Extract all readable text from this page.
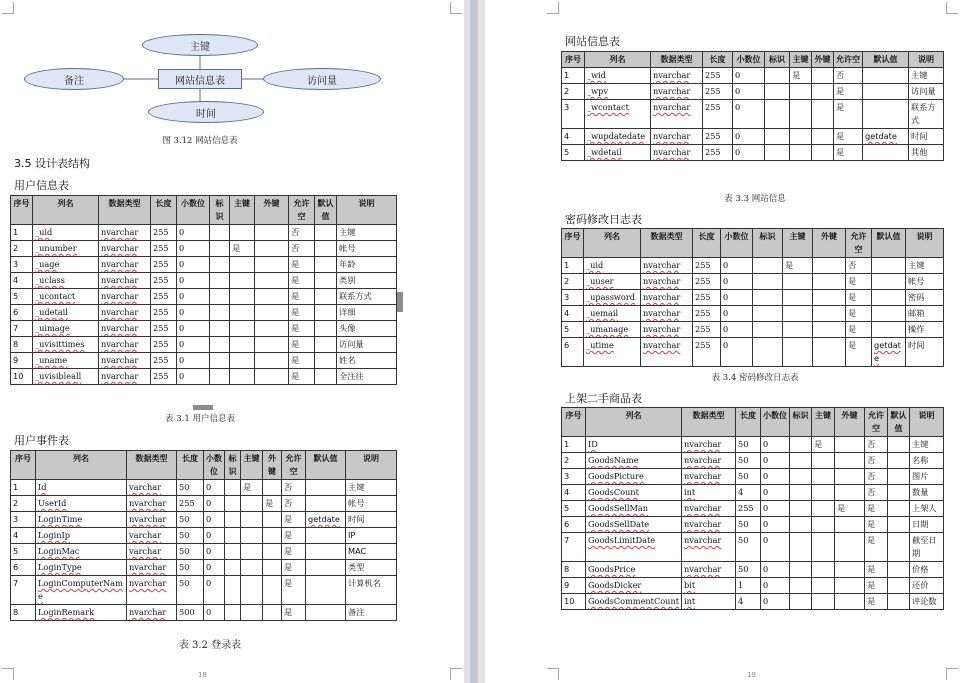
主键
备注	网站信息表	访问量
时间
图 3.12 网站信息表
3.5 设计表结构
用户信息表
序号	列名	数据类型	长度	小数位	标识	主键	外键	允许空	默认值	说明
1	_uid	nvarchar	255	0				否		主键
2	_unumber	nvarchar	255	0		是		否		帐号
3	_uage	nvarchar	255	0				是		年龄
4	_uclass	nvarchar	255	0				是		类别
5	_ucontact	nvarchar	255	0				是		联系方式
6	_udetail	nvarchar	255	0				是		详细
7	_uimage	nvarchar	255	0				是		头像
8	_uvisittimes	nvarchar	255	0				是		访问量
9	_uname	nvarchar	255	0				是		姓名
10	_uvisibleall	nvarchar	255	0				是		全注往
表 3.1 用户信息表
用户事件表
序号	列名	数据类型	长度	小数位	标识	主键	外键	允许空	默认值	说明
1	Id	varchar	50	0		是		否		主键
2	UserId	nvarchar	255	0			是	否		帐号
3	LoginTime	nvarchar	50	0				是	getdate	时间
4	LoginIp	varchar	50	0				是		IP
5	LoginMac	varchar	50	0				是		MAC
6	LoginType	nvarchar	50	0				是		类型
7	LoginComputerName	nvarchar	50	0				是		计算机名
8	LoginRemark	nvarchar	500	0				是		备注
表 3.2 登录表
18
网站信息表
序号	列名	数据类型	长度	小数位	标识	主键	外键	允许空	默认值	说明
1	_wid	nvarchar	255	0		是		否		主键
2	_wpv	nvarchar	255	0				是		访问量
3	_wcontact	nvarchar	255	0				是		联系方式
4	_wupdatedate	nvarchar	255	0				是	getdate	时间
5	_wdetail	nvarchar	255	0				是		其他
表 3.3 网站信息
密码修改日志表
序号	列名	数据类型	长度	小数位	标识	主键	外键	允许空	默认值	说明
1	_uid	nvarchar	255	0		是		否		主键
2	_uuser	nvarchar	255	0				是		帐号
3	_upassword	nvarchar	255	0				是		密码
4	_uemail	nvarchar	255	0				是		邮箱
5	_umanage	nvarchar	255	0				是		操作
6	_utime	nvarchar	255	0				是	getdate	时间
表 3.4 密码修改日志表
上架二手商品表
序号	列名	数据类型	长度	小数位	标识	主键	外键	允许空	默认值	说明
1	ID	nvarchar	50	0		是		否		主键
2	GoodsName	nvarchar	50	0				否		名称
3	GoodsPicture	nvarchar	50	0				否		图片
4	GoodsCount	int	4	0				否		数量
5	GoodsSellMan	nvarchar	255	0			是	是		上架人
6	GoodsSellDate	nvarchar	50	0				是		日期
7	GoodsLimitDate	nvarchar	50	0				是		截至日期
8	GoodsPrice	nvarchar	50	0				是		价格
9	GoodsDicker	bit	1	0				是		还价
10	GoodsCommentCount	int	4	0				是		评论数
19
